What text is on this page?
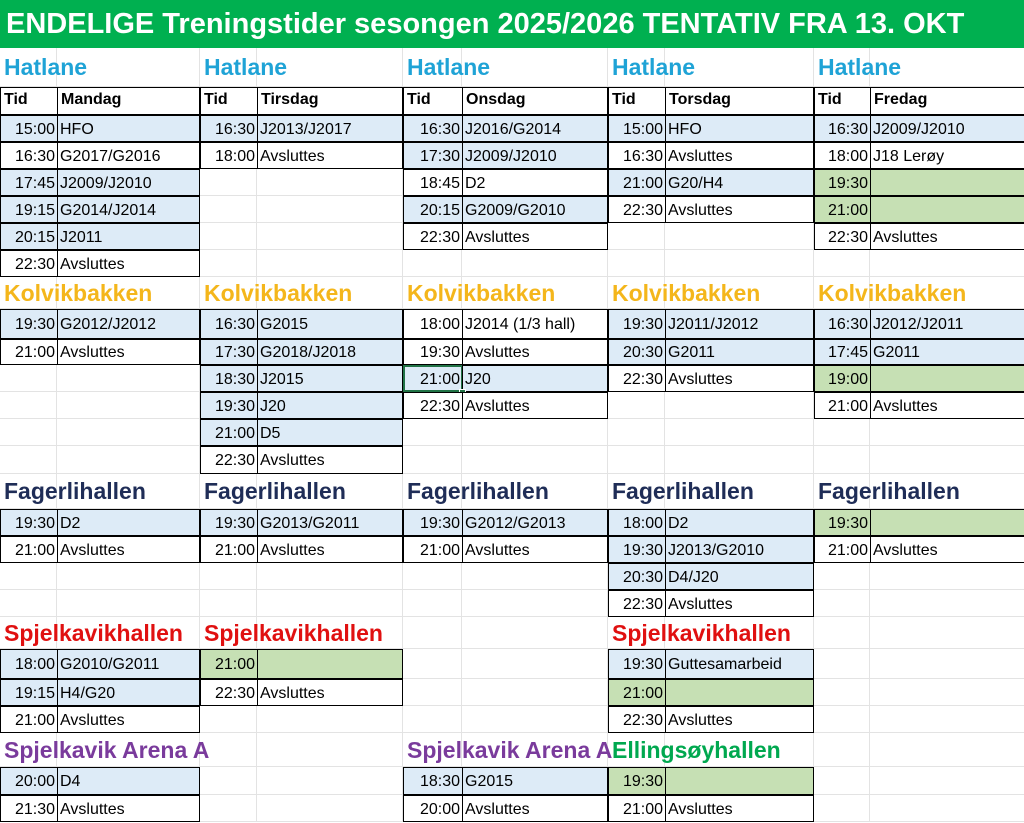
ENDELIGE Treningstider sesongen 2025/2026 TENTATIV FRA 13. OKT
Hatlane
Tid	Mandag
15:00 HFO
16:30 G2017/G2016
17:45 J2009/J2010
19:15 G2014/J2014
20:15 J2011
22:30 Avsluttes
Hatlane
Tid	Tirsdag
16:30 J2013/J2017
18:00 Avsluttes
Hatlane
Tid	Onsdag
16:30 J2016/G2014
17:30 J2009/J2010
18:45 D2
20:15 G2009/G2010
22:30 Avsluttes
Hatlane
Tid	Torsdag
15:00 HFO
16:30 Avsluttes
21:00 G20/H4
22:30 Avsluttes
Hatlane
Tid	Fredag
16:30 J2009/J2010
18:00 J18 Lerøy
19:30
21:00
22:30 Avsluttes
Kolvikbakken
19:30 G2012/J2012
21:00 Avsluttes
Kolvikbakken
16:30 G2015
17:30 G2018/J2018
18:30 J2015
19:30 J20
21:00 D5
22:30 Avsluttes
Kolvikbakken
18:00 J2014 (1/3 hall)
19:30 Avsluttes
21:00 J20
22:30 Avsluttes
Kolvikbakken
19:30 J2011/J2012
20:30 G2011
22:30 Avsluttes
Kolvikbakken
16:30 J2012/J2011
17:45 G2011
19:00
21:00 Avsluttes
Fagerlihallen
19:30 D2
21:00 Avsluttes
Fagerlihallen
19:30 G2013/G2011
21:00 Avsluttes
Fagerlihallen
19:30 G2012/G2013
21:00 Avsluttes
Fagerlihallen
18:00 D2
19:30 J2013/G2010
20:30 D4/J20
22:30 Avsluttes
Fagerlihallen
19:30
21:00 Avsluttes
Spjelkavikhallen
18:00 G2010/G2011
19:15 H4/G20
21:00 Avsluttes
Spjelkavikhallen
21:00
22:30 Avsluttes
Spjelkavikhallen
19:30 Guttesamarbeid
21:00
22:30 Avsluttes
Spjelkavik Arena A
20:00 D4
21:30 Avsluttes
Spjelkavik Arena A
18:30 G2015
20:00 Avsluttes
Ellingsøyhallen
19:30
21:00 Avsluttes
